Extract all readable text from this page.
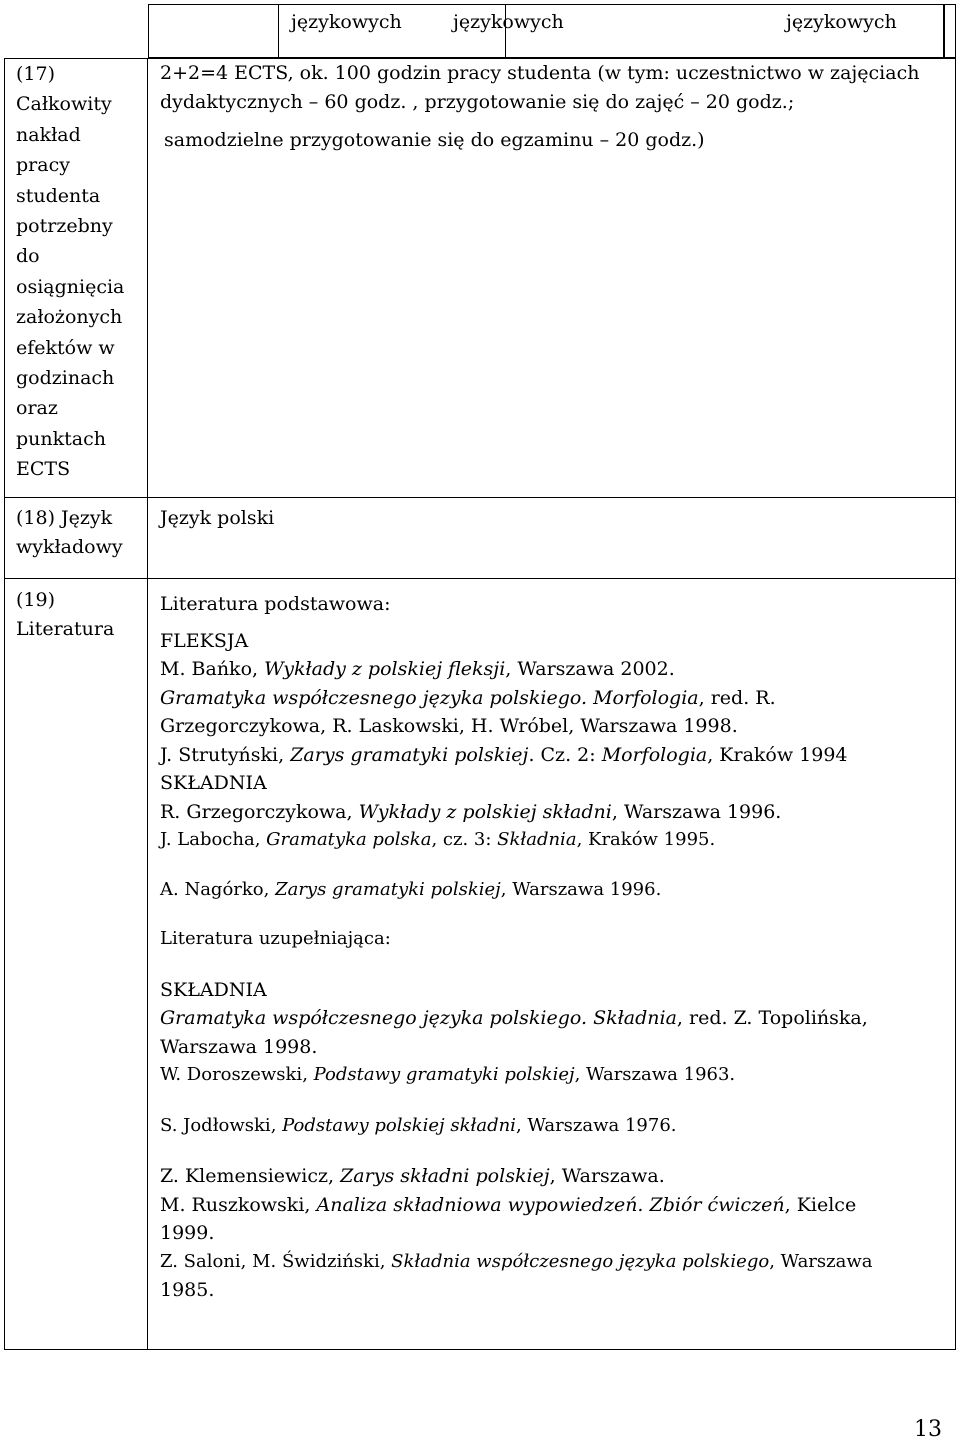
językowych	językowych	językowych
(17)
Całkowity
nakład
pracy
studenta
potrzebny
do
osiągnięcia
założonych
efektów w
godzinach
oraz
punktach
ECTS
2+2=4 ECTS, ok. 100 godzin pracy studenta (w tym: uczestnictwo w zajęciach
dydaktycznych – 60 godz. , przygotowanie się do zajęć – 20 godz.;
samodzielne przygotowanie się do egzaminu – 20 godz.)
(18) Język
wykładowy
Język polski
(19)
Literatura
Literatura podstawowa:
FLEKSJA
M. Bańko, Wykłady z polskiej fleksji, Warszawa 2002.
Gramatyka współczesnego języka polskiego. Morfologia, red. R.
Grzegorczykowa, R. Laskowski, H. Wróbel, Warszawa 1998.
J. Strutyński, Zarys gramatyki polskiej. Cz. 2: Morfologia, Kraków 1994
SKŁADNIA
R. Grzegorczykowa, Wykłady z polskiej składni, Warszawa 1996.
J. Labocha, Gramatyka polska, cz. 3: Składnia, Kraków 1995.
A. Nagórko, Zarys gramatyki polskiej, Warszawa 1996.
Literatura uzupełniająca:
SKŁADNIA
Gramatyka współczesnego języka polskiego. Składnia, red. Z. Topolińska,
Warszawa 1998.
W. Doroszewski, Podstawy gramatyki polskiej, Warszawa 1963.
S. Jodłowski, Podstawy polskiej składni, Warszawa 1976.
Z. Klemensiewicz, Zarys składni polskiej, Warszawa.
M. Ruszkowski, Analiza składniowa wypowiedzeń. Zbiór ćwiczeń, Kielce
1999.
Z. Saloni, M. Świdziński, Składnia współczesnego języka polskiego, Warszawa
1985.
13
